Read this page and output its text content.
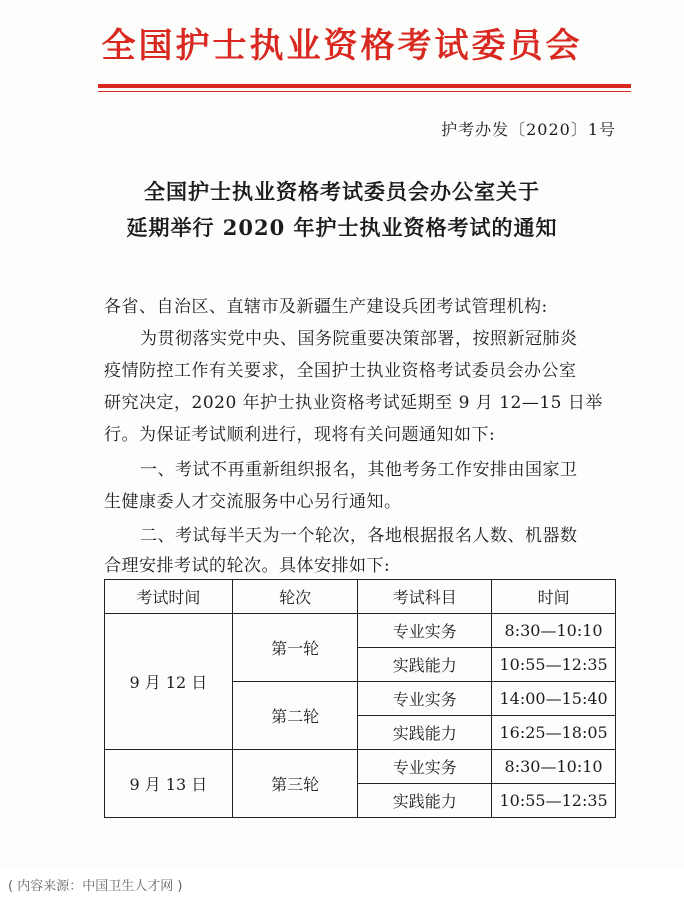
全国护士执业资格考试委员会
护考办发〔2020〕1号
全国护士执业资格考试委员会办公室关于
延期举行 2020 年护士执业资格考试的通知
各省、自治区、直辖市及新疆生产建设兵团考试管理机构:
为贯彻落实党中央、国务院重要决策部署，按照新冠肺炎
疫情防控工作有关要求，全国护士执业资格考试委员会办公室
研究决定，2020 年护士执业资格考试延期至 9 月 12—15 日举
行。为保证考试顺利进行，现将有关问题通知如下:
一、考试不再重新组织报名，其他考务工作安排由国家卫
生健康委人才交流服务中心另行通知。
二、考试每半天为一个轮次，各地根据报名人数、机器数
合理安排考试的轮次。具体安排如下:
考试时间	轮次	考试科目	时间
9 月 12 日	第一轮	专业实务	8:30—10:10
		实践能力	10:55—12:35
	第二轮	专业实务	14:00—15:40
		实践能力	16:25—18:05
9 月 13 日	第三轮	专业实务	8:30—10:10
		实践能力	10:55—12:35
( 内容来源：中国卫生人才网 )
